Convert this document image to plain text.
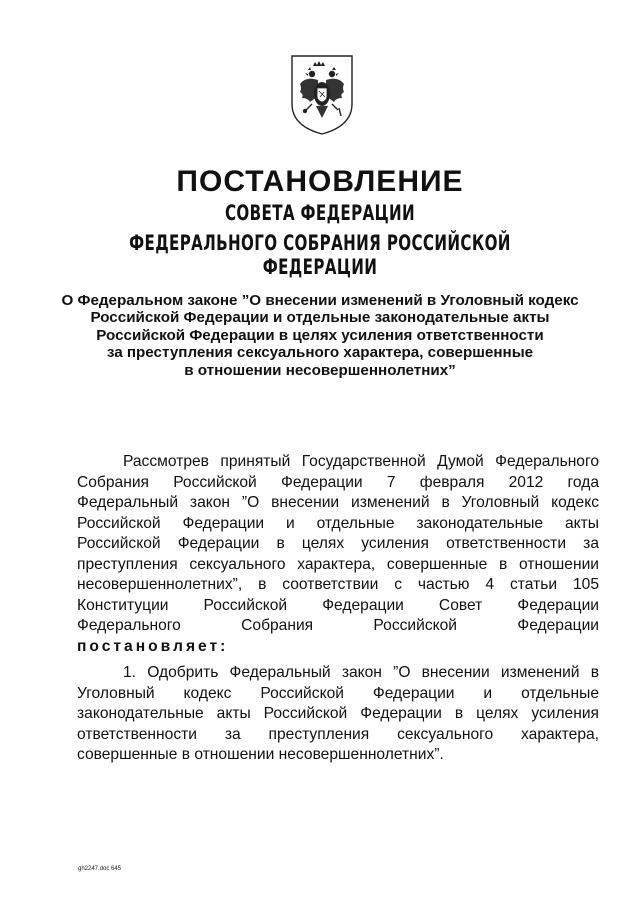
ПОСТАНОВЛЕНИЕ
СОВЕТА ФЕДЕРАЦИИ
ФЕДЕРАЛЬНОГО СОБРАНИЯ РОССИЙСКОЙ ФЕДЕРАЦИИ
О Федеральном законе ”О внесении изменений в Уголовный кодекс
Российской Федерации и отдельные законодательные акты
Российской Федерации в целях усиления ответственности
за преступления сексуального характера, совершенные
в отношении несовершеннолетних”
Рассмотрев принятый Государственной Думой Федерального
Собрания Российской Федерации 7 февраля 2012 года
Федеральный закон ”О внесении изменений в Уголовный кодекс
Российской Федерации и отдельные законодательные акты
Российской Федерации в целях усиления ответственности за
преступления сексуального характера, совершенные в отношении
несовершеннолетних”, в соответствии с частью 4 статьи 105
Конституции Российской Федерации Совет Федерации
Федерального Собрания Российской Федерации
постановляет:
1. Одобрить Федеральный закон ”О внесении изменений в
Уголовный кодекс Российской Федерации и отдельные
законодательные акты Российской Федерации в целях усиления
ответственности за преступления сексуального характера,
совершенные в отношении несовершеннолетних”.
gh2247.doc 645
